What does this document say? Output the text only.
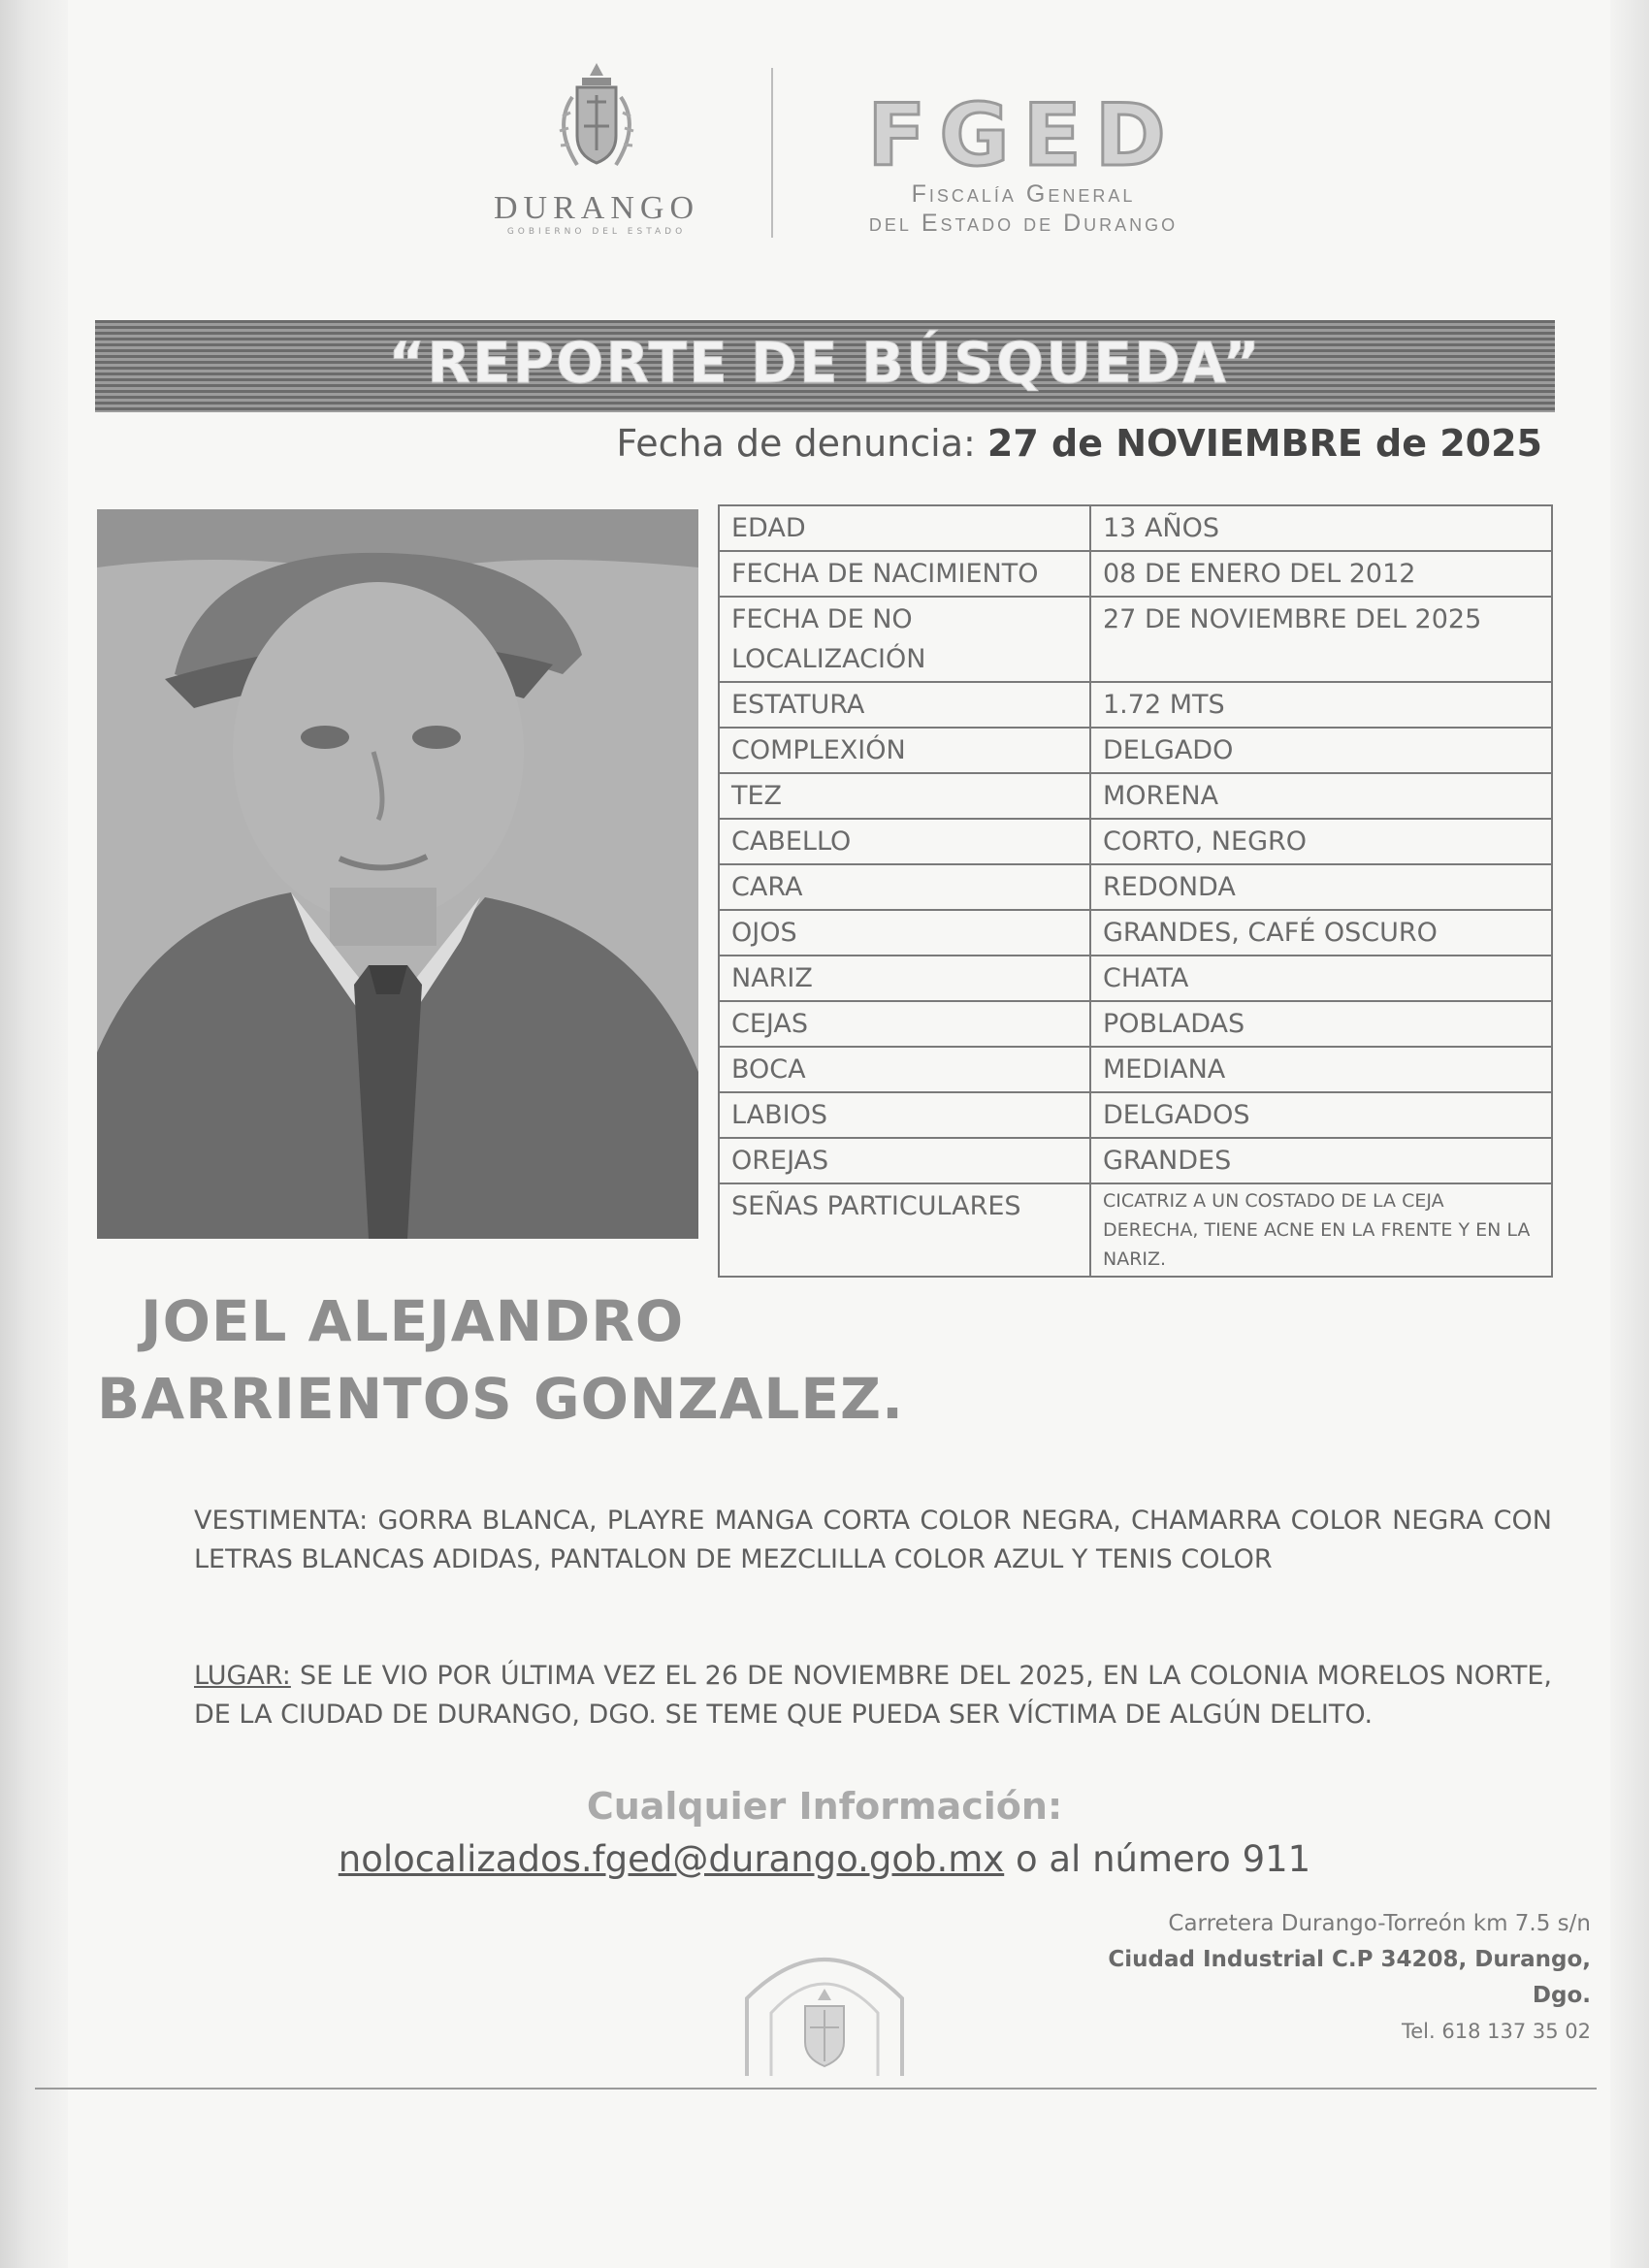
DURANGO
GOBIERNO DEL ESTADO
FGED
Fiscalía General
del Estado de Durango
“REPORTE DE BÚSQUEDA”
Fecha de denuncia: 27 de NOVIEMBRE de 2025
EDAD	13 AÑOS
FECHA DE NACIMIENTO	08 DE ENERO DEL 2012
FECHA DE NO LOCALIZACIÓN	27 DE NOVIEMBRE DEL 2025
ESTATURA	1.72 MTS
COMPLEXIÓN	DELGADO
TEZ	MORENA
CABELLO	CORTO, NEGRO
CARA	REDONDA
OJOS	GRANDES, CAFÉ OSCURO
NARIZ	CHATA
CEJAS	POBLADAS
BOCA	MEDIANA
LABIOS	DELGADOS
OREJAS	GRANDES
SEÑAS PARTICULARES	CICATRIZ A UN COSTADO DE LA CEJA DERECHA, TIENE ACNE EN LA FRENTE Y EN LA NARIZ.
JOEL ALEJANDRO
BARRIENTOS GONZALEZ.
VESTIMENTA: GORRA BLANCA, PLAYRE MANGA CORTA COLOR NEGRA, CHAMARRA COLOR NEGRA CON LETRAS BLANCAS ADIDAS, PANTALON DE MEZCLILLA COLOR AZUL Y TENIS COLOR
LUGAR: SE LE VIO POR ÚLTIMA VEZ EL 26 DE NOVIEMBRE DEL 2025, EN LA COLONIA MORELOS NORTE, DE LA CIUDAD DE DURANGO, DGO. SE TEME QUE PUEDA SER VÍCTIMA DE ALGÚN DELITO.
Cualquier Información:
nolocalizados.fged@durango.gob.mx o al número 911
Carretera Durango-Torreón km 7.5 s/n
Ciudad Industrial C.P 34208, Durango, Dgo.
Tel. 618 137 35 02
